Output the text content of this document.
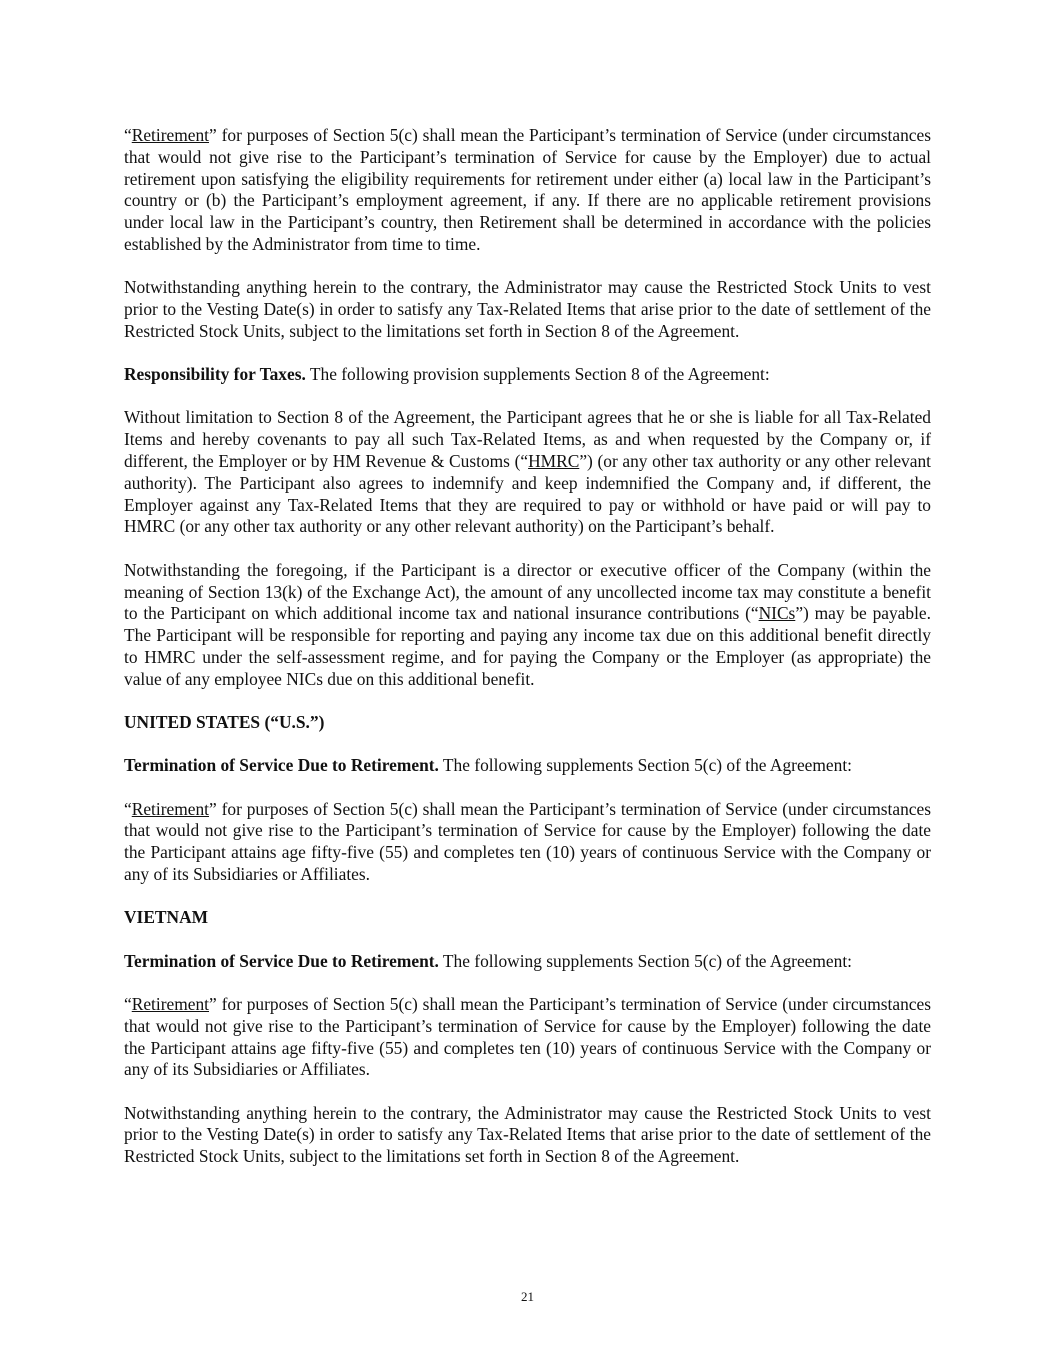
“Retirement” for purposes of Section 5(c) shall mean the Participant’s termination of Service (under circumstances that would not give rise to the Participant’s termination of Service for cause by the Employer) due to actual retirement upon satisfying the eligibility requirements for retirement under either (a) local law in the Participant’s country or (b) the Participant’s employment agreement, if any. If there are no applicable retirement provisions under local law in the Participant’s country, then Retirement shall be determined in accordance with the policies established by the Administrator from time to time.

Notwithstanding anything herein to the contrary, the Administrator may cause the Restricted Stock Units to vest prior to the Vesting Date(s) in order to satisfy any Tax-Related Items that arise prior to the date of settlement of the Restricted Stock Units, subject to the limitations set forth in Section 8 of the Agreement.

Responsibility for Taxes. The following provision supplements Section 8 of the Agreement:

Without limitation to Section 8 of the Agreement, the Participant agrees that he or she is liable for all Tax-Related Items and hereby covenants to pay all such Tax-Related Items, as and when requested by the Company or, if different, the Employer or by HM Revenue & Customs (“HMRC”) (or any other tax authority or any other relevant authority). The Participant also agrees to indemnify and keep indemnified the Company and, if different, the Employer against any Tax-Related Items that they are required to pay or withhold or have paid or will pay to HMRC (or any other tax authority or any other relevant authority) on the Participant’s behalf.

Notwithstanding the foregoing, if the Participant is a director or executive officer of the Company (within the meaning of Section 13(k) of the Exchange Act), the amount of any uncollected income tax may constitute a benefit to the Participant on which additional income tax and national insurance contributions (“NICs”) may be payable. The Participant will be responsible for reporting and paying any income tax due on this additional benefit directly to HMRC under the self-assessment regime, and for paying the Company or the Employer (as appropriate) the value of any employee NICs due on this additional benefit.

UNITED STATES (“U.S.”)

Termination of Service Due to Retirement. The following supplements Section 5(c) of the Agreement:

“Retirement” for purposes of Section 5(c) shall mean the Participant’s termination of Service (under circumstances that would not give rise to the Participant’s termination of Service for cause by the Employer) following the date the Participant attains age fifty-five (55) and completes ten (10) years of continuous Service with the Company or any of its Subsidiaries or Affiliates.

VIETNAM

Termination of Service Due to Retirement. The following supplements Section 5(c) of the Agreement:

“Retirement” for purposes of Section 5(c) shall mean the Participant’s termination of Service (under circumstances that would not give rise to the Participant’s termination of Service for cause by the Employer) following the date the Participant attains age fifty-five (55) and completes ten (10) years of continuous Service with the Company or any of its Subsidiaries or Affiliates.

Notwithstanding anything herein to the contrary, the Administrator may cause the Restricted Stock Units to vest prior to the Vesting Date(s) in order to satisfy any Tax-Related Items that arise prior to the date of settlement of the Restricted Stock Units, subject to the limitations set forth in Section 8 of the Agreement.

21
